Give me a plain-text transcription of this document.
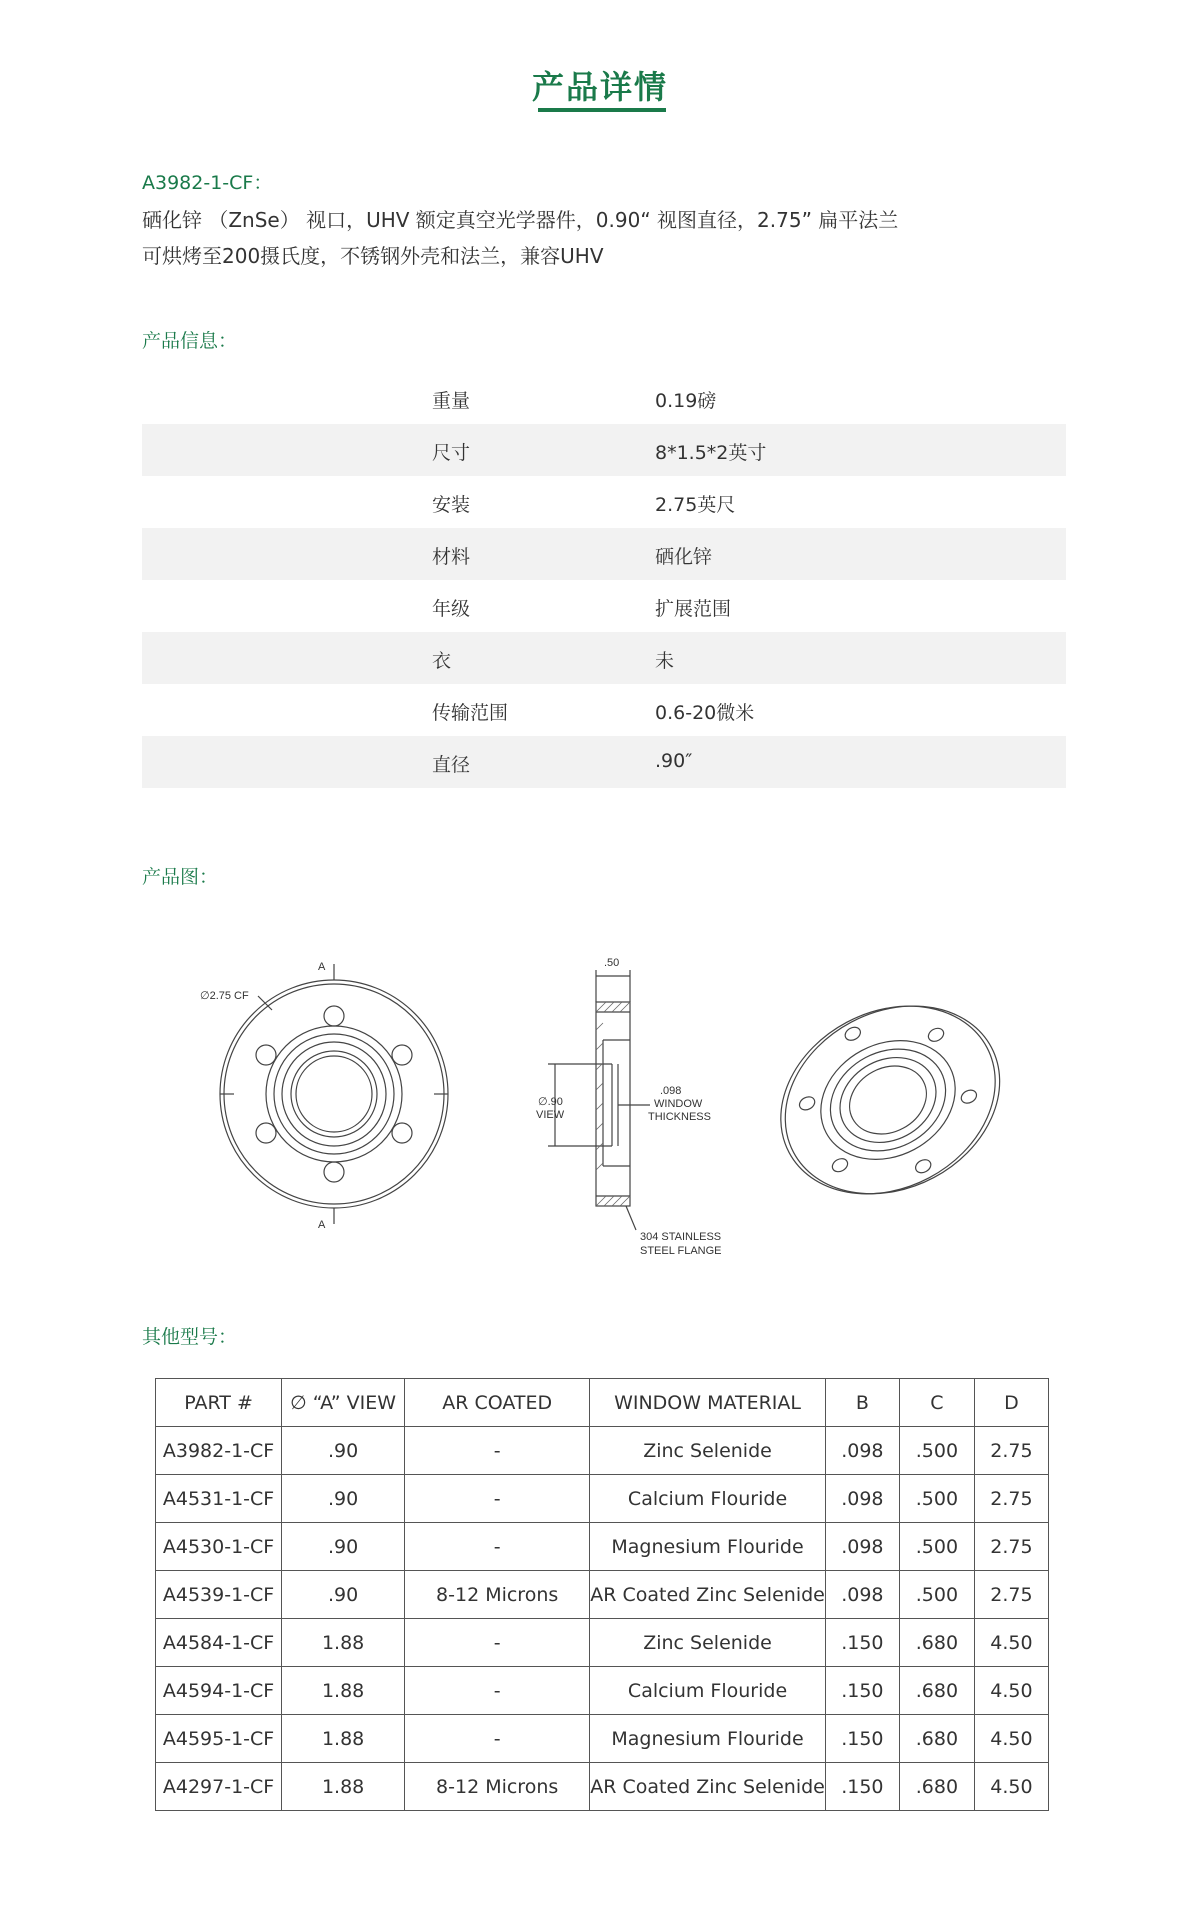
产品详情
A3982-1-CF：
硒化锌 （ZnSe） 视口，UHV 额定真空光学器件，0.90“ 视图直径，2.75” 扁平法兰
可烘烤至200摄氏度，不锈钢外壳和法兰，兼容UHV
产品信息：
重量	0.19磅
尺寸	8*1.5*2英寸
安装	2.75英尺
材料	硒化锌
年级	扩展范围
衣	未
传输范围	0.6-20微米
直径	.90″
产品图：
∅2.75 CF
A
A
.50
∅.90
VIEW
.098
WINDOW
THICKNESS
304 STAINLESS
STEEL FLANGE
其他型号：
PART #	∅ “A” VIEW	AR COATED	WINDOW MATERIAL	B	C	D
A3982-1-CF	.90	-	Zinc Selenide	.098	.500	2.75
A4531-1-CF	.90	-	Calcium Flouride	.098	.500	2.75
A4530-1-CF	.90	-	Magnesium Flouride	.098	.500	2.75
A4539-1-CF	.90	8-12 Microns	AR Coated Zinc Selenide	.098	.500	2.75
A4584-1-CF	1.88	-	Zinc Selenide	.150	.680	4.50
A4594-1-CF	1.88	-	Calcium Flouride	.150	.680	4.50
A4595-1-CF	1.88	-	Magnesium Flouride	.150	.680	4.50
A4297-1-CF	1.88	8-12 Microns	AR Coated Zinc Selenide	.150	.680	4.50
